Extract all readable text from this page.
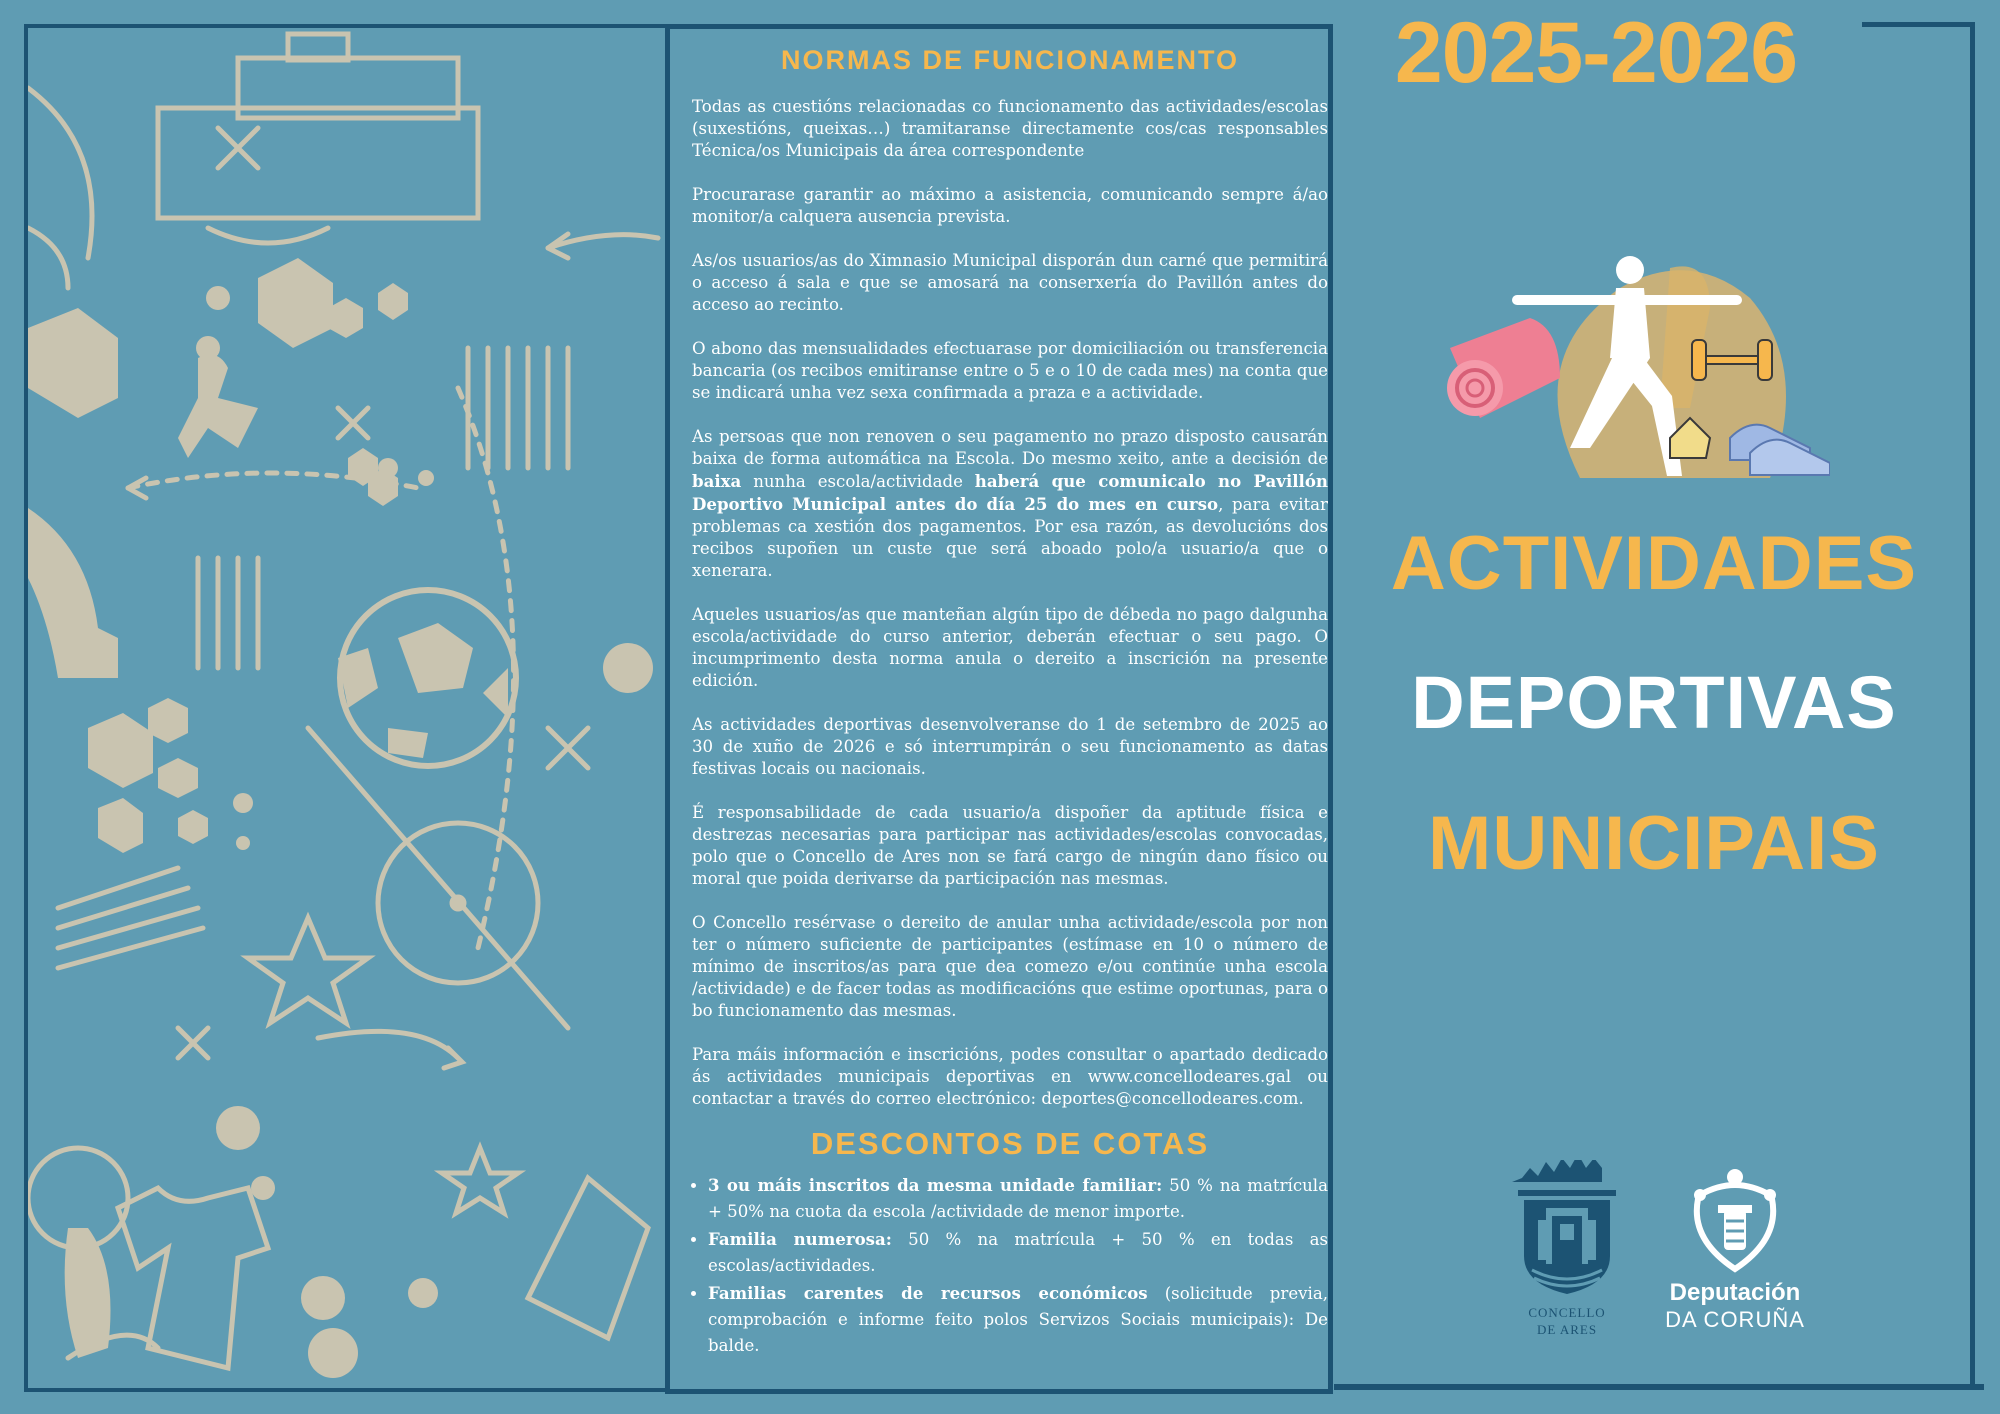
NORMAS DE FUNCIONAMENTO

Todas as cuestións relacionadas co funcionamento das actividades/escolas (suxestións, queixas…) tramitaranse directamente cos/cas responsables Técnica/os Municipais da área correspondente

Procurarase garantir ao máximo a asistencia, comunicando sempre á/ao monitor/a calquera ausencia prevista.

As/os usuarios/as do Ximnasio Municipal disporán dun carné que permitirá o acceso á sala e que se amosará na conserxería do Pavillón antes do acceso ao recinto.

O abono das mensualidades efectuarase por domiciliación ou transferencia bancaria (os recibos emitiranse entre o 5 e o 10 de cada mes) na conta que se indicará unha vez sexa confirmada a praza e a actividade.

As persoas que non renoven o seu pagamento no prazo disposto causarán baixa de forma automática na Escola. Do mesmo xeito, ante a decisión de baixa nunha escola/actividade haberá que comunicalo no Pavillón Deportivo Municipal antes do día 25 do mes en curso, para evitar problemas ca xestión dos pagamentos. Por esa razón, as devolucións dos recibos supoñen un custe que será aboado polo/a usuario/a que o xenerara.

Aqueles usuarios/as que manteñan algún tipo de débeda no pago dalgunha escola/actividade do curso anterior, deberán efectuar o seu pago. O incumprimento desta norma anula o dereito a inscrición na presente edición.

As actividades deportivas desenvolveranse do 1 de setembro de 2025 ao 30 de xuño de 2026 e só interrumpirán o seu funcionamento as datas festivas locais ou nacionais.

É responsabilidade de cada usuario/a dispoñer da aptitude física e destrezas necesarias para participar nas actividades/escolas convocadas, polo que o Concello de Ares non se fará cargo de ningún dano físico ou moral que poida derivarse da participación nas mesmas.

O Concello resérvase o dereito de anular unha actividade/escola por non ter o número suficiente de participantes (estímase en 10 o número de mínimo de inscritos/as para que dea comezo e/ou continúe unha escola /actividade) e de facer todas as modificacións que estime oportunas, para o bo funcionamento das mesmas.

Para máis información e inscricións, podes consultar o apartado dedicado ás actividades municipais deportivas en www.concellodeares.gal ou contactar a través do correo electrónico: deportes@concellodeares.com.

DESCONTOS DE COTAS
• 3 ou máis inscritos da mesma unidade familiar: 50 % na matrícula + 50% na cuota da escola /actividade de menor importe.
• Familia numerosa: 50 % na matrícula + 50 % en todas as escolas/actividades.
• Familias carentes de recursos económicos (solicitude previa, comprobación e informe feito polos Servizos Sociais municipais): De balde.
2025-2026
ACTIVIDADES
DEPORTIVAS
MUNICIPAIS
CONCELLO
DE ARES
Deputación
DA CORUÑA
